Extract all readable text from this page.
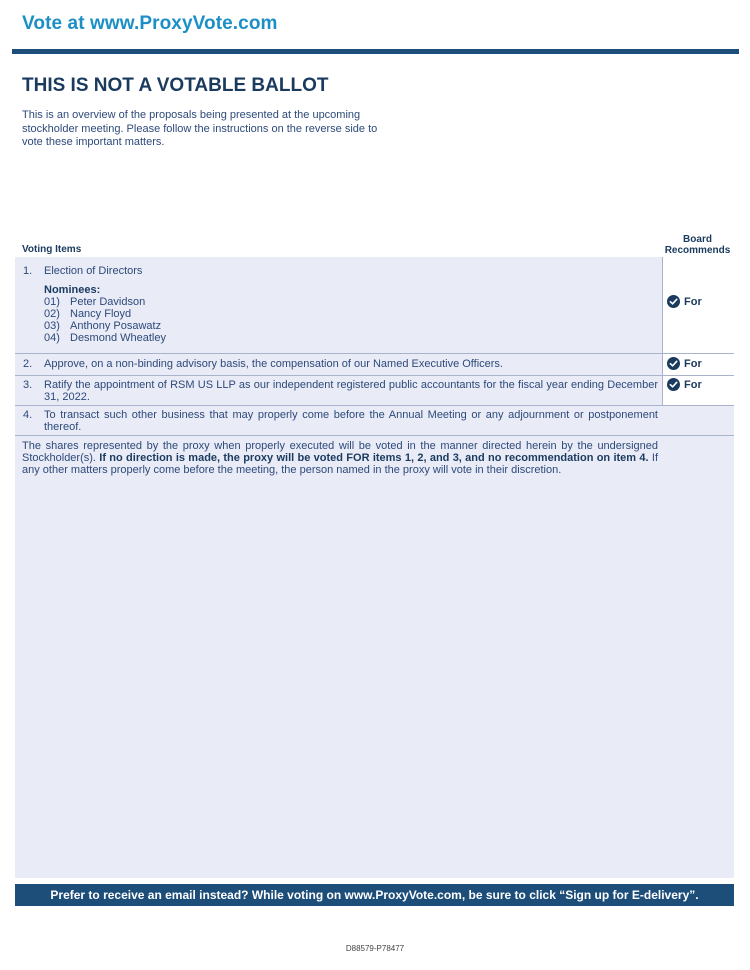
Vote at www.ProxyVote.com
THIS IS NOT A VOTABLE BALLOT
This is an overview of the proposals being presented at the upcoming stockholder meeting. Please follow the instructions on the reverse side to vote these important matters.
Board
Recommends
Voting Items
1. Election of Directors
Nominees:
01) Peter Davidson
02) Nancy Floyd
03) Anthony Posawatz
04) Desmond Wheatley
For
2. Approve, on a non-binding advisory basis, the compensation of our Named Executive Officers.	For
3. Ratify the appointment of RSM US LLP as our independent registered public accountants for the fiscal year ending December 31, 2022.
For
4. To transact such other business that may properly come before the Annual Meeting or any adjournment or postponement thereof.
The shares represented by the proxy when properly executed will be voted in the manner directed herein by the undersigned Stockholder(s). If no direction is made, the proxy will be voted FOR items 1, 2, and 3, and no recommendation on item 4. If any other matters properly come before the meeting, the person named in the proxy will vote in their discretion.
Prefer to receive an email instead? While voting on www.ProxyVote.com, be sure to click “Sign up for E-delivery”.
D88579-P78477
